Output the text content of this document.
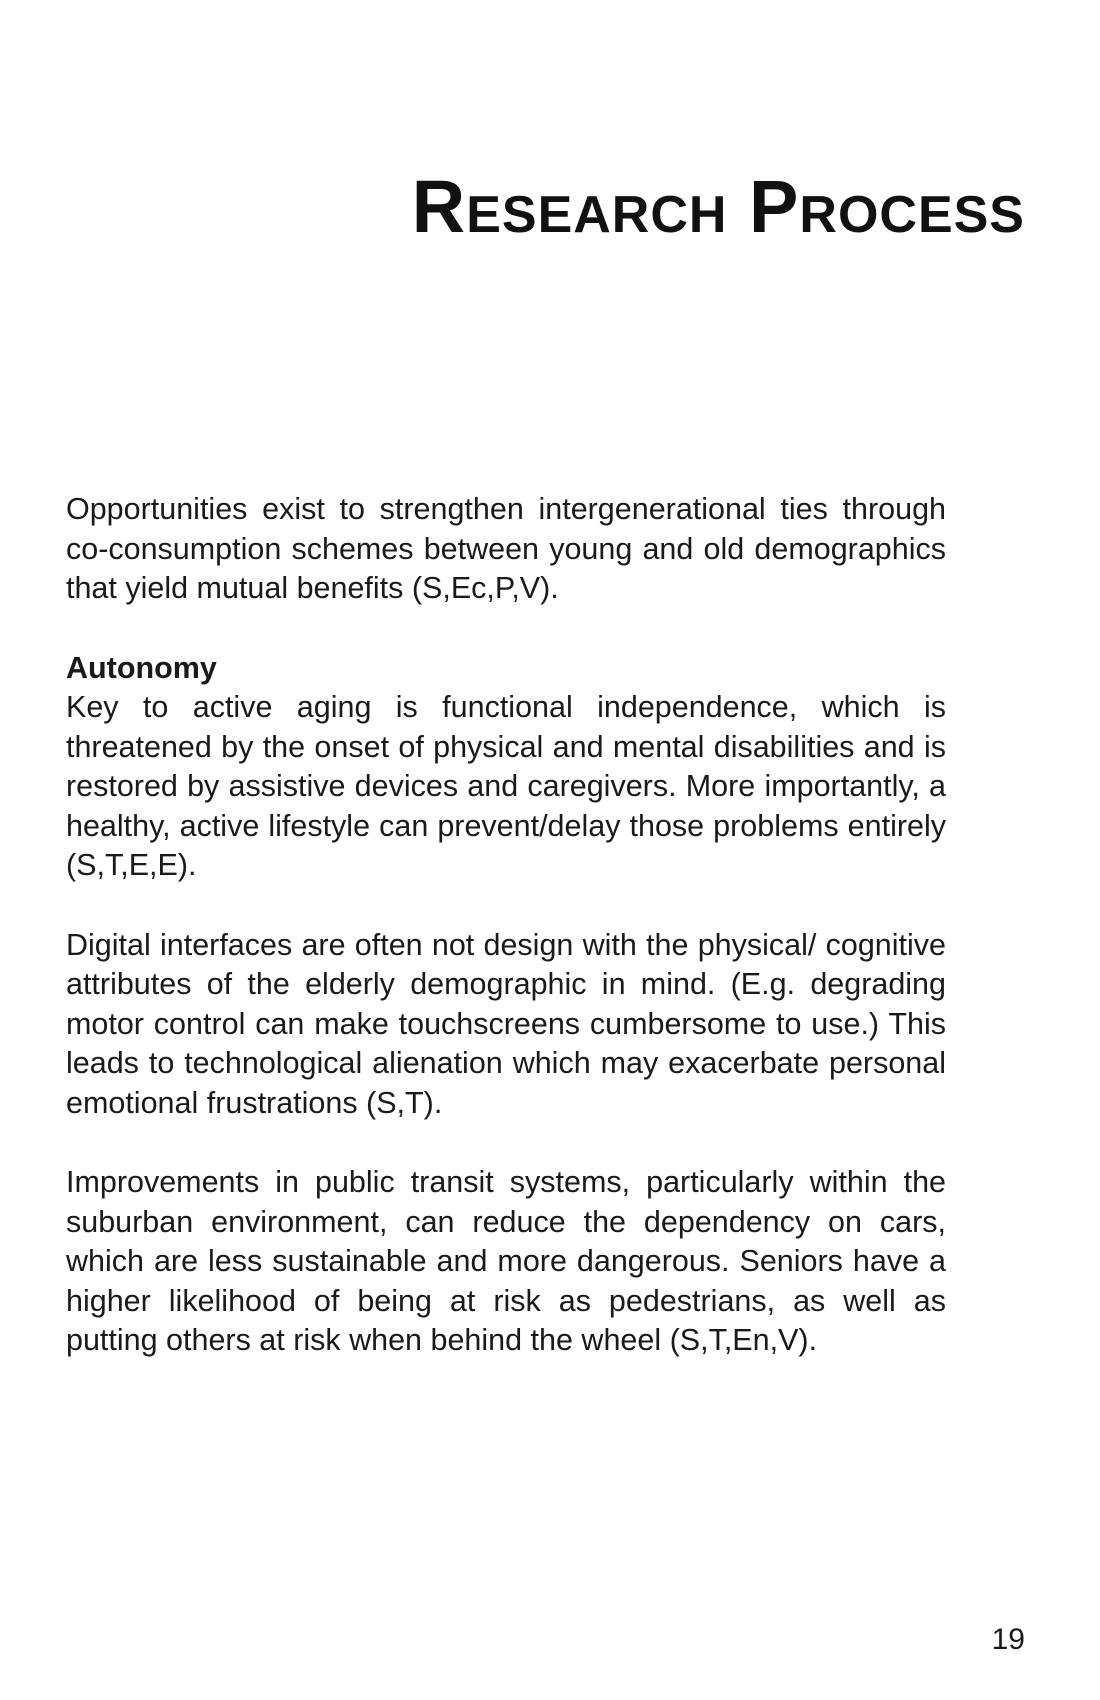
Research Process

Opportunities exist to strengthen intergenerational ties through co-consumption schemes between young and old demographics that yield mutual benefits (S,Ec,P,V).

Autonomy

Key to active aging is functional independence, which is threatened by the onset of physical and mental disabilities and is restored by assistive devices and caregivers. More importantly, a healthy, active lifestyle can prevent/delay those problems entirely (S,T,E,E).

Digital interfaces are often not design with the physical/ cognitive attributes of the elderly demographic in mind. (E.g. degrading motor control can make touchscreens cumbersome to use.) This leads to technological alienation which may exacerbate personal emotional frustrations (S,T).

Improvements in public transit systems, particularly within the suburban environment, can reduce the dependency on cars, which are less sustainable and more dangerous. Seniors have a higher likelihood of being at risk as pedestrians, as well as putting others at risk when behind the wheel (S,T,En,V).

19
